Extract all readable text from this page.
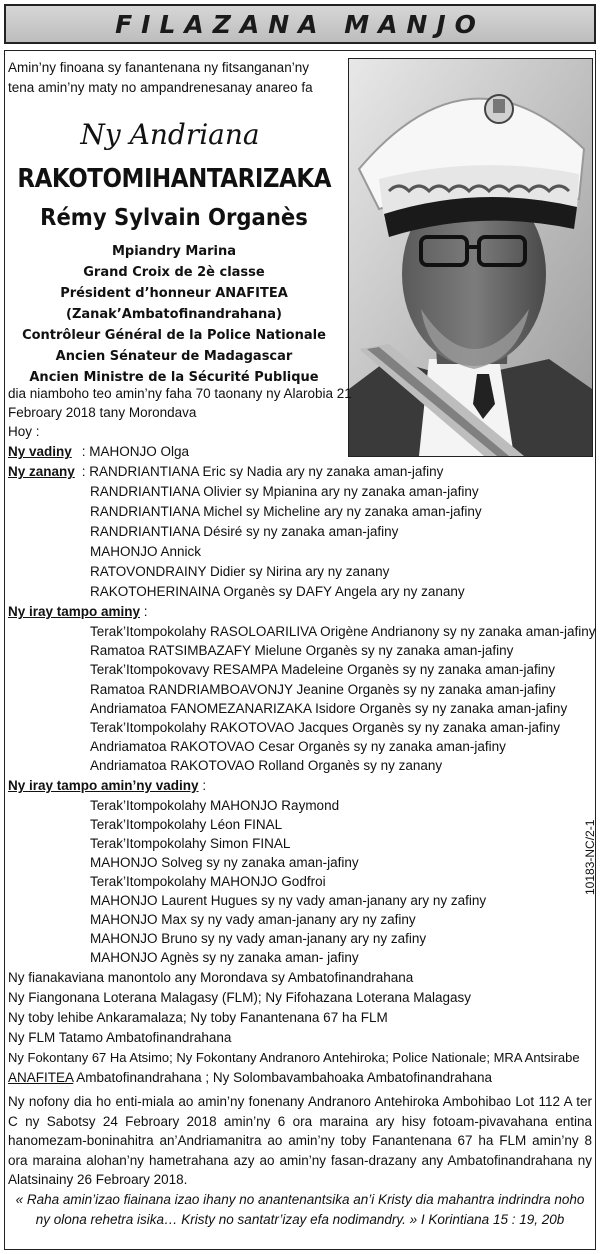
FILAZANA MANJO
Amin’ny finoana sy fanantenana ny fitsanganan’ny tena amin’ny maty no ampandrenesanay anareo fa
Ny Andriana
RAKOTOMIHANTARIZAKA
Rémy Sylvain Organès
Mpiandry Marina
Grand Croix de 2è classe
Président d’honneur ANAFITEA
(Zanak’Ambatofinandrahana)
Contrôleur Général de la Police Nationale
Ancien Sénateur de Madagascar
Ancien Ministre de la Sécurité Publique
dia niamboho teo amin’ny faha 70 taonany ny Alarobia 21
Febroary 2018 tany Morondava
Hoy :
Ny vadiny : MAHONJO Olga
Ny zanany : RANDRIANTIANA Eric sy Nadia ary ny zanaka aman-jafiny
RANDRIANTIANA Olivier sy Mpianina ary ny zanaka aman-jafiny
RANDRIANTIANA Michel sy Micheline ary ny zanaka aman-jafiny
RANDRIANTIANA Désiré sy ny zanaka aman-jafiny
MAHONJO Annick
RATOVONDRAINY Didier sy Nirina ary ny zanany
RAKOTOHERINAINA Organès sy DAFY Angela ary ny zanany
Ny iray tampo aminy :
Terak’Itompokolahy RASOLOARILIVA Origène Andrianony sy ny zanaka aman-jafiny
Ramatoa RATSIMBAZAFY Mielune Organès sy ny zanaka aman-jafiny
Terak’Itompokovavy RESAMPA Madeleine Organès sy ny zanaka aman-jafiny
Ramatoa RANDRIAMBOAVONJY Jeanine Organès sy ny zanaka aman-jafiny
Andriamatoa FANOMEZANARIZAKA Isidore Organès sy ny zanaka aman-jafiny
Terak’Itompokolahy RAKOTOVAO Jacques Organès sy ny zanaka aman-jafiny
Andriamatoa RAKOTOVAO Cesar Organès sy ny zanaka aman-jafiny
Andriamatoa RAKOTOVAO Rolland Organès sy ny zanany
Ny iray tampo amin’ny vadiny :
Terak’Itompokolahy MAHONJO Raymond
Terak’Itompokolahy Léon FINAL
Terak’Itompokolahy Simon FINAL
MAHONJO Solveg sy ny zanaka aman-jafiny
Terak’Itompokolahy MAHONJO Godfroi
MAHONJO Laurent Hugues sy ny vady aman-janany ary ny zafiny
MAHONJO Max sy ny vady aman-janany ary ny zafiny
MAHONJO Bruno sy ny vady aman-janany ary ny zafiny
MAHONJO Agnès sy ny zanaka aman- jafiny
10183-NC/2-1
Ny fianakaviana manontolo any Morondava sy Ambatofinandrahana
Ny Fiangonana Loterana Malagasy (FLM); Ny Fifohazana Loterana Malagasy
Ny toby lehibe Ankaramalaza; Ny toby Fanantenana 67 ha FLM
Ny FLM Tatamo Ambatofinandrahana
Ny Fokontany 67 Ha Atsimo; Ny Fokontany Andranoro Antehiroka; Police Nationale; MRA Antsirabe
ANAFITEA Ambatofinandrahana ; Ny Solombavambahoaka Ambatofinandrahana
Ny nofony dia ho enti-miala ao amin’ny fonenany Andranoro Antehiroka Ambohibao Lot 112 A ter C ny Sabotsy 24 Febroary 2018 amin’ny 6 ora maraina ary hisy fotoam-pivavahana entina hanomezam-boninahitra an’Andriamanitra ao amin’ny toby Fanantenana 67 ha FLM amin’ny 8 ora maraina alohan’ny hametrahana azy ao amin’ny fasan-drazany any Ambatofinandrahana ny Alatsinainy 26 Febroary 2018.
« Raha amin’izao fiainana izao ihany no anantenantsika an’i Kristy dia mahantra indrindra noho ny olona rehetra isika… Kristy no santatr’izay efa nodimandry. » I Korintiana 15 : 19, 20b
